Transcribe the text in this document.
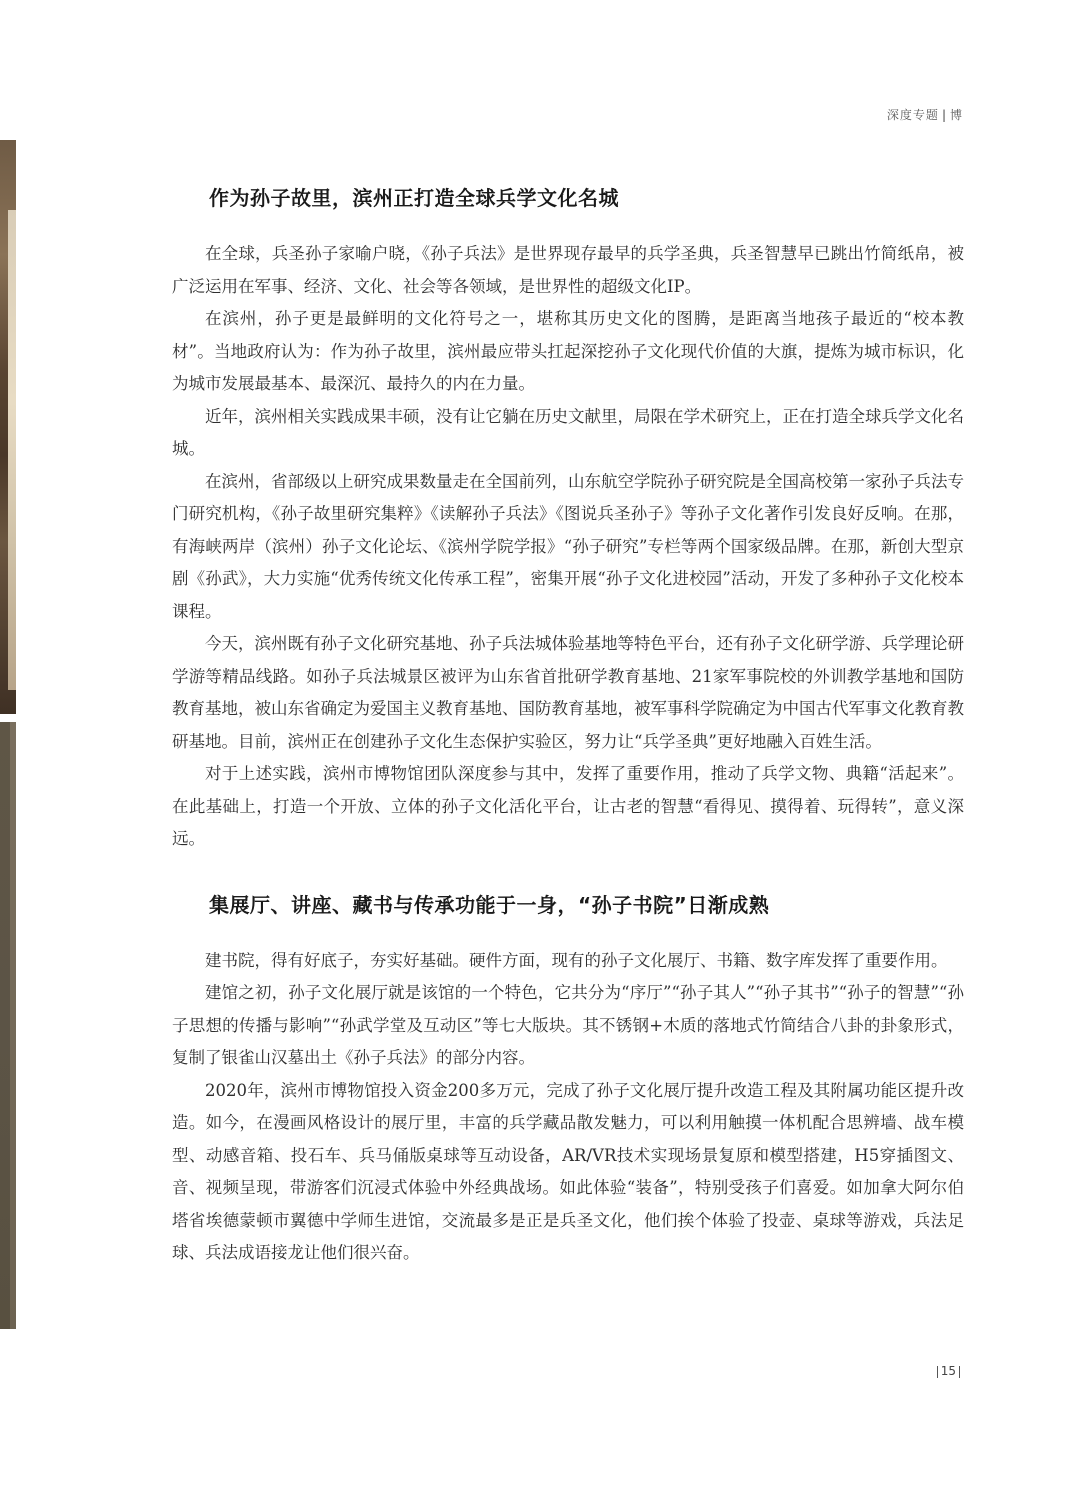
深度专题 | 博
作为孙子故里，滨州正打造全球兵学文化名城

在全球，兵圣孙子家喻户晓，《孙子兵法》是世界现存最早的兵学圣典，兵圣智慧早已跳出竹简纸帛，被广泛运用在军事、经济、文化、社会等各领域，是世界性的超级文化IP。

在滨州，孙子更是最鲜明的文化符号之一，堪称其历史文化的图腾，是距离当地孩子最近的“校本教材”。当地政府认为：作为孙子故里，滨州最应带头扛起深挖孙子文化现代价值的大旗，提炼为城市标识，化为城市发展最基本、最深沉、最持久的内在力量。

近年，滨州相关实践成果丰硕，没有让它躺在历史文献里，局限在学术研究上，正在打造全球兵学文化名城。

在滨州，省部级以上研究成果数量走在全国前列，山东航空学院孙子研究院是全国高校第一家孙子兵法专门研究机构，《孙子故里研究集粹》《读解孙子兵法》《图说兵圣孙子》等孙子文化著作引发良好反响。在那，有海峡两岸（滨州）孙子文化论坛、《滨州学院学报》“孙子研究”专栏等两个国家级品牌。在那，新创大型京剧《孙武》，大力实施“优秀传统文化传承工程”，密集开展“孙子文化进校园”活动，开发了多种孙子文化校本课程。

今天，滨州既有孙子文化研究基地、孙子兵法城体验基地等特色平台，还有孙子文化研学游、兵学理论研学游等精品线路。如孙子兵法城景区被评为山东省首批研学教育基地、21家军事院校的外训教学基地和国防教育基地，被山东省确定为爱国主义教育基地、国防教育基地，被军事科学院确定为中国古代军事文化教育教研基地。目前，滨州正在创建孙子文化生态保护实验区，努力让“兵学圣典”更好地融入百姓生活。

对于上述实践，滨州市博物馆团队深度参与其中，发挥了重要作用，推动了兵学文物、典籍“活起来”。在此基础上，打造一个开放、立体的孙子文化活化平台，让古老的智慧“看得见、摸得着、玩得转”，意义深远。

集展厅、讲座、藏书与传承功能于一身，“孙子书院”日渐成熟

建书院，得有好底子，夯实好基础。硬件方面，现有的孙子文化展厅、书籍、数字库发挥了重要作用。

建馆之初，孙子文化展厅就是该馆的一个特色，它共分为“序厅”“孙子其人”“孙子其书”“孙子的智慧”“孙子思想的传播与影响”“孙武学堂及互动区”等七大版块。其不锈钢+木质的落地式竹简结合八卦的卦象形式，复制了银雀山汉墓出土《孙子兵法》的部分内容。

2020年，滨州市博物馆投入资金200多万元，完成了孙子文化展厅提升改造工程及其附属功能区提升改造。如今，在漫画风格设计的展厅里，丰富的兵学藏品散发魅力，可以利用触摸一体机配合思辨墙、战车模型、动感音箱、投石车、兵马俑版桌球等互动设备，AR/VR技术实现场景复原和模型搭建，H5穿插图文、音、视频呈现，带游客们沉浸式体验中外经典战场。如此体验“装备”，特别受孩子们喜爱。如加拿大阿尔伯塔省埃德蒙顿市翼德中学师生进馆，交流最多是正是兵圣文化，他们挨个体验了投壶、桌球等游戏，兵法足球、兵法成语接龙让他们很兴奋。

15
